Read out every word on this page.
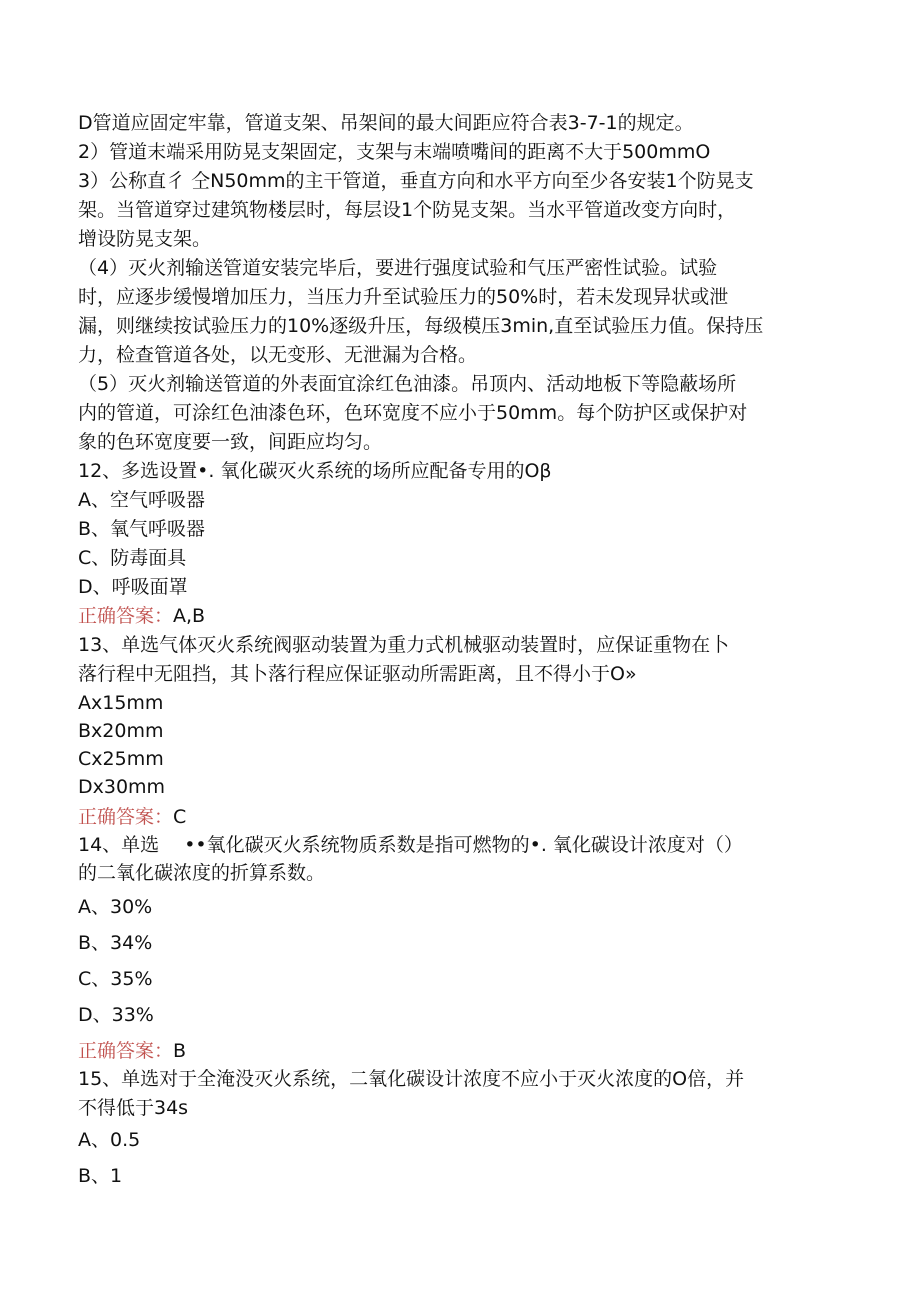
D管道应固定牢靠，管道支架、吊架间的最大间距应符合表3-7-1的规定。
2）管道末端采用防晃支架固定，支架与末端喷嘴间的距离不大于500mmO
3）公称直彳 仝N50mm的主干管道，垂直方向和水平方向至少各安装1个防晃支
架。当管道穿过建筑物楼层时，每层设1个防晃支架。当水平管道改变方向时，
增设防晃支架。
（4）灭火剂输送管道安装完毕后，要进行强度试验和气压严密性试验。试验
时，应逐步缓慢增加压力，当压力升至试验压力的50%时，若未发现异状或泄
漏，则继续按试验压力的10%逐级升压，每级模压3min,直至试验压力值。保持压
力，检查管道各处，以无变形、无泄漏为合格。
（5）灭火剂输送管道的外表面宜涂红色油漆。吊顶内、活动地板下等隐蔽场所
内的管道，可涂红色油漆色环，色环宽度不应小于50mm。每个防护区或保护对
象的色环宽度要一致，间距应均匀。
12、多选设置•. 氧化碳灭火系统的场所应配备专用的Oβ
A、空气呼吸器
B、氧气呼吸器
C、防毒面具
D、呼吸面罩
正确答案：A,B
13、单选气体灭火系统阀驱动装置为重力式机械驱动装置时，应保证重物在卜
落行程中无阻挡，其卜落行程应保证驱动所需距离，且不得小于O»
Ax15mm
Bx20mm
Cx25mm
Dx30mm
正确答案：C
14、单选　 ••氧化碳灭火系统物质系数是指可燃物的•. 氧化碳设计浓度对（）
的二氧化碳浓度的折算系数。
A、30%
B、34%
C、35%
D、33%
正确答案：B
15、单选对于全淹没灭火系统，二氧化碳设计浓度不应小于灭火浓度的O倍，并
不得低于34s
A、0.5
B、1
